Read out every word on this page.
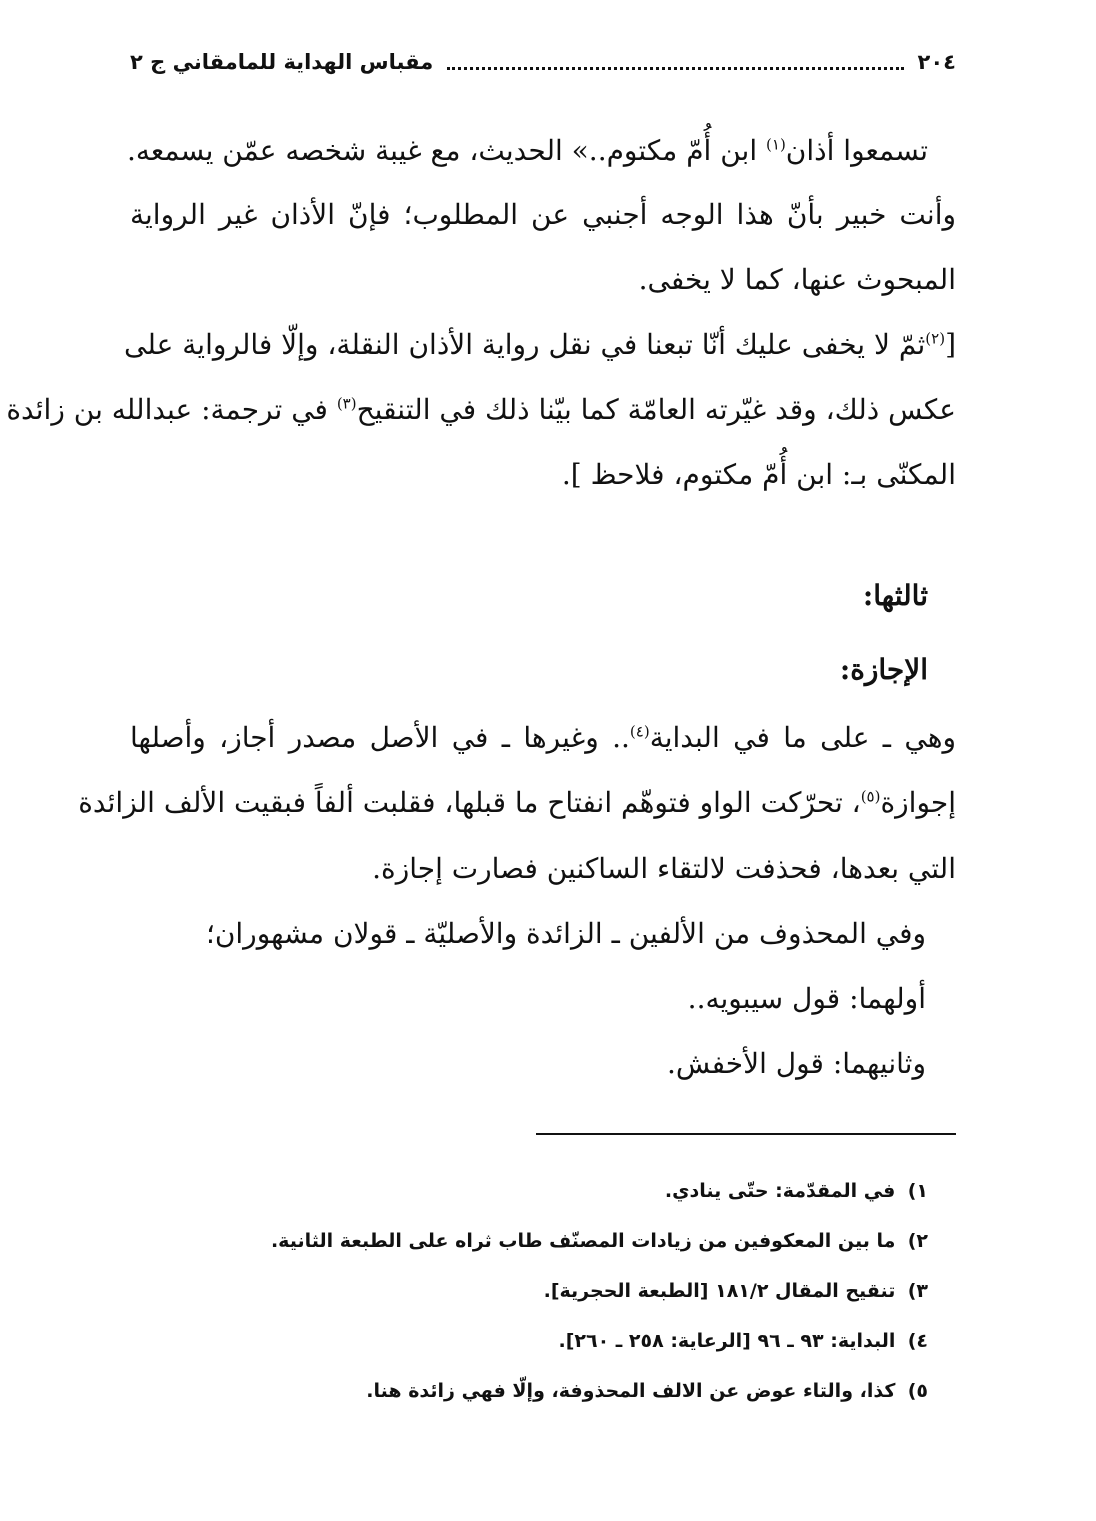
٢٠٤
مقباس الهداية للمامقاني ج ٢
تسمعوا أذان$^{(١)}$ ابن أُمّ مكتوم..» الحديث، مع غيبة شخصه عمّن يسمعه.
وأنت خبير بأنّ هذا الوجه أجنبي عن المطلوب؛ فإنّ الأذان غير الرواية
المبحوث عنها، كما لا يخفى.
[$^{(٢)}$ثمّ لا يخفى عليك أنّا تبعنا في نقل رواية الأذان النقلة، وإلّا فالرواية على
عكس ذلك، وقد غيّرته العامّة كما بيّنا ذلك في التنقيح$^{(٣)}$ في ترجمة: عبدالله بن زائدة
المكنّى بـ: ابن أُمّ مكتوم، فلاحظ ].
ثالثها:
الإجازة:
وهي ـ على ما في البداية$^{(٤)}$.. وغيرها ـ في الأصل مصدر أجاز، وأصلها
إجوازة$^{(٥)}$، تحرّكت الواو فتوهّم انفتاح ما قبلها، فقلبت ألفاً فبقيت الألف الزائدة
التي بعدها، فحذفت لالتقاء الساكنين فصارت إجازة.
وفي المحذوف من الألفين ـ الزائدة والأصليّة ـ قولان مشهوران؛
أولهما: قول سيبويه..
وثانيهما: قول الأخفش.
١) في المقدّمة: حتّى ينادي.
٢) ما بين المعكوفين من زيادات المصنّف طاب ثراه على الطبعة الثانية.
٣) تنقيح المقال ١٨١/٢ [الطبعة الحجرية].
٤) البداية: ٩٣ ـ ٩٦ [الرعاية: ٢٥٨ ـ ٢٦٠].
٥) كذا، والتاء عوض عن الالف المحذوفة، وإلّا فهي زائدة هنا.
